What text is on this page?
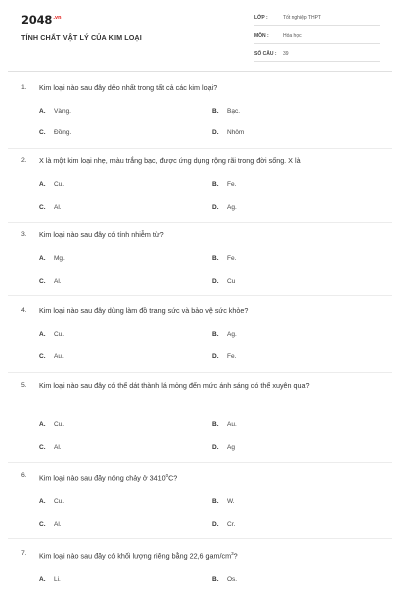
$2048^{.vn}$
TÍNH CHẤT VẬT LÝ CỦA KIM LOẠI
LỚP :	Tốt nghiệp THPT
MÔN :	Hóa học
SỐ CÂU : 39
1. Kim loại nào sau đây dẻo nhất trong tất cả các kim loại?
A. Vàng.	B. Bạc.
C. Đồng.	D. Nhôm
2. X là một kim loại nhẹ, màu trắng bạc, được ứng dụng rộng rãi trong đời sống. X là
A. Cu.	B. Fe.
C. Al.	D. Ag.
3. Kim loại nào sau đây có tính nhiễm từ?
A. Mg.	B. Fe.
C. Al.	D. Cu
4. Kim loại nào sau đây dùng làm đồ trang sức và bảo vệ sức khỏe?
A. Cu.	B. Ag.
C. Au.	D. Fe.
5. Kim loại nào sau đây có thể dát thành lá mỏng đến mức ánh sáng có thể xuyên qua?
A. Cu.	B. Au.
C. Al.	D. Ag
6. Kim loại nào sau đây nóng chảy ở 3410$^0$C?
A. Cu.	B. W.
C. Al.	D. Cr.
7. Kim loại nào sau đây có khối lượng riêng bằng 22,6 gam/$cm^3$?
A. Li.	B. Os.
